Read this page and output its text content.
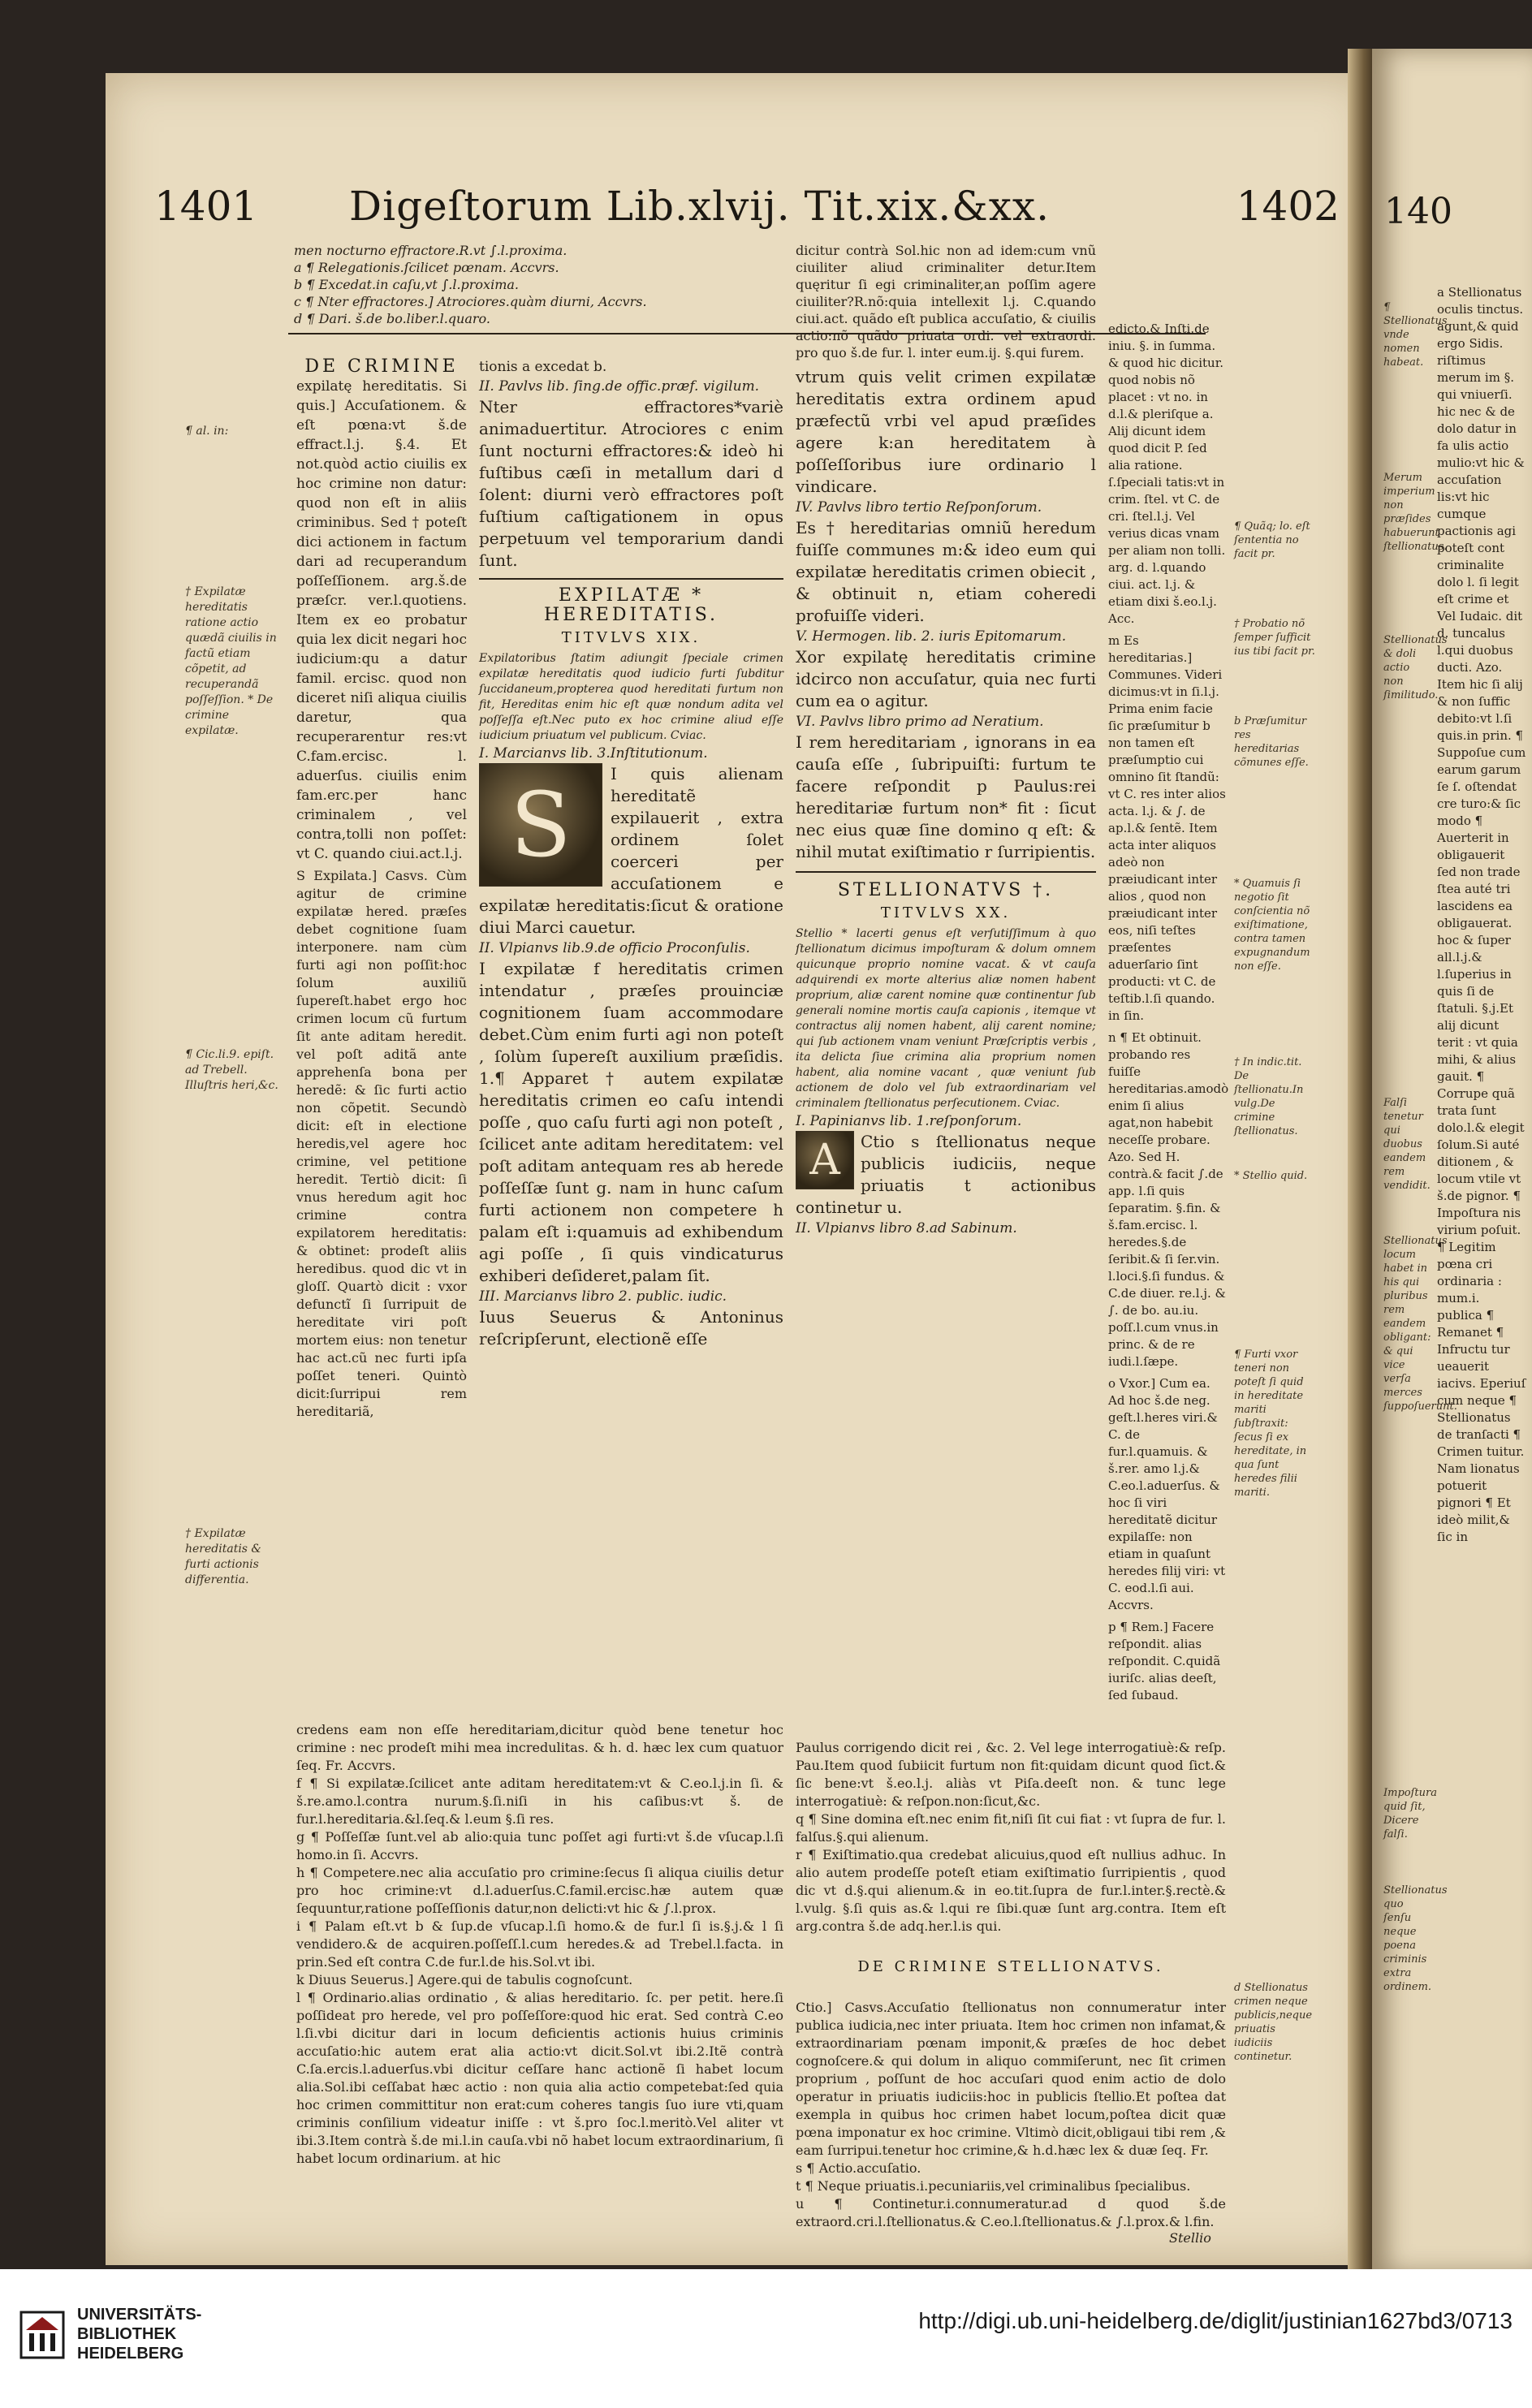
140
¶ Stellionatus vnde nomen habeat.
Merum imperium non præſides habuerunt ſtellionatus.
Stellionatus & doli actio non ſimilitudo.
Falſi tenetur qui duobus eandem rem vendidit.
Stellionatus locum habet in his qui pluribus rem eandem obligant: & qui vice verſa merces ſuppoſuerunt.
Impoſtura quid ſit, Dicere falſi.
Stellionatus quo ſenſu neque poena criminis extra ordinem.
a Stellionatus oculis tinctus. agunt,& quid ergo Sidis. riſtimus merum im §. qui vniuerſi. hic nec & de dolo datur in fa ulis actio mulio:vt hic & accuſation lis:vt hic cumque pactionis agi poteſt cont criminalite dolo l. ſi legit eſt crime et Vel Iudaic. dit d. tuncalus l.qui duobus ducti. Azo. Item hic ſi alij & non ſuffic debito:vt l.ſi quis.in prin. ¶ Suppoſue cum earum garum ſe ſ. oſtendat cre turo:& ſic modo ¶ Auerterit in obligauerit ſed non trade ſtea auté tri lascidens ea obligauerat. hoc & ſuper all.l.j.& l.ſuperius in quis ſi de ſtatuli. §.j.Et alij dicunt terit : vt quia mihi, & alius gauit. ¶ Corrupe quã trata ſunt dolo.l.& elegit ſolum.Si auté ditionem , & locum vtile vt š.de pignor. ¶ Impoſtura nis virium poſuit. ¶ Legitim pœna cri ordinaria : mum.i. publica ¶ Remanet ¶ Infructu tur ueauerit iacivs. Eperiuſ cum neque ¶ Stellionatus de tranſacti ¶ Crimen tuitur. Nam lionatus potuerit pignori ¶ Et ideò milit,& ſic in
1401 Digeſtorum Lib.xlvij. Tit.xix.&xx.	1402
¶ al. in:
† Expilatæ hereditatis ratione actio quædã ciuilis in factũ etiam cõpetit, ad recuperandã poſſeſſion. * De crimine expilatæ.
¶ Cic.li.9. epiſt. ad Trebell. Illuſtris heri,&c.
† Expilatæ hereditatis & furti actionis differentia.

men nocturno effractore.R.vt ∫.l.proxima.

a ¶ Relegationis.ſcilicet pœnam. Accvrs.

b ¶ Excedat.in caſu,vt ∫.l.proxima.

c ¶ Nter effractores.] Atrociores.quàm diurni, Accvrs.

d ¶ Dari. š.de bo.liber.l.quaro.

DE CRIMINE

expilatę hereditatis. Si quis.] Accuſationem. & eſt pœna:vt š.de effract.l.j. §.4. Et not.quòd actio ciuilis ex hoc crimine non datur: quod non eſt in aliis criminibus. Sed † poteſt dici actionem in factum dari ad recuperandum poſſeſſionem. arg.š.de præſcr. ver.l.quotiens. Item ex eo probatur quia lex dicit negari hoc iudicium:qu a datur famil. ercisc. quod non diceret niſi aliqua ciuilis daretur, qua recuperarentur res:vt C.fam.ercisc. l. aduerſus. ciuilis enim fam.erc.per hanc criminalem , vel contra,tolli non poſſet: vt C. quando ciui.act.l.j.

S Expilata.] Casvs. Cùm agitur de crimine expilatæ hered. præſes debet cognitione ſuam interponere. nam cùm furti agi non poſſit:hoc ſolum auxiliũ ſupereſt.habet ergo hoc crimen locum cũ furtum ſit ante aditam heredit. vel poſt aditã ante apprehenſa bona per heredẽ: & ſic furti actio non cõpetit. Secundò dicit: eſt in electione heredis,vel agere hoc crimine, vel petitione heredit. Tertiò dicit: ſi vnus heredum agit hoc crimine contra expilatorem hereditatis: & obtinet: prodeſt aliis heredibus. quod dic vt in gloſſ. Quartò dicit : vxor defunctĩ ſi ſurripuit de hereditate viri poſt mortem eius: non tenetur hac act.cũ nec furti ipſa poſſet teneri. Quintò dicit:ſurripui rem hereditariã,

tionis a excedat b.

II. Pavlvs lib. ſing.de offic.præf. vigilum.

Nter effractores*variè animaduertitur. Atrociores c enim ſunt nocturni effractores:& ideò hi fuſtibus cæſi in metallum dari d ſolent: diurni verò effractores poſt fuſtium caſtigationem in opus perpetuum vel temporarium dandi ſunt.

EXPILATÆ * HEREDITATIS.
TITVLVS XIX.

Expilatoribus ſtatim adiungit ſpeciale crimen expilatæ hereditatis quod iudicio furti ſubditur ſuccidaneum,propterea quod hereditati furtum non fit, Hereditas enim hic eſt quæ nondum adita vel poſſeſſa eſt.Nec puto ex hoc crimine aliud eſſe iudicium priuatum vel publicum. Cviac.

I. Marcianvs lib. 3.Inſtitutionum.

S	I quis alienam hereditatẽ expilauerit , extra ordinem ſolet coerceri per accuſationem e expilatæ hereditatis:ſicut & oratione diui Marci cauetur.

II. Vlpianvs lib.9.de officio Proconſulis.

I expilatæ f hereditatis crimen intendatur , præſes prouinciæ cognitionem ſuam accommodare debet.Cùm enim furti agi non poteſt , ſolùm ſupereſt auxilium præſidis. 1.¶ Apparet † autem expilatæ hereditatis crimen eo caſu intendi poſſe , quo caſu furti agi non poteſt , ſcilicet ante aditam hereditatem: vel poſt aditam antequam res ab herede poſſeſſæ ſunt g. nam in hunc caſum furti actionem non competere h palam eſt i:quamuis ad exhibendum agi poſſe , ſi quis vindicaturus exhiberi deſideret,palam ſit.

III. Marcianvs libro 2. public. iudic.

Iuus Seuerus & Antoninus reſcripſerunt, electionẽ eſſe

dicitur contrà Sol.hic non ad idem:cum vnũ ciuiliter aliud criminaliter detur.Item quęritur ſi egi criminaliter,an poſſim agere ciuiliter?R.nõ:quia intellexit l.j. C.quando ciui.act. quãdo eſt publica accuſatio, & ciuilis actio:nõ quãdo priuata ordi. vel extraordi. pro quo š.de fur. l. inter eum.ij. §.qui furem.

vtrum quis velit crimen expilatæ hereditatis extra ordinem apud præfectũ vrbi vel apud præſides agere k:an hereditatem à poſſeſſoribus iure ordinario l vindicare.

IV. Pavlvs libro tertio Reſponſorum.

Es † hereditarias omniũ heredum fuiſſe communes m:& ideo eum qui expilatæ hereditatis crimen obiecit , & obtinuit n, etiam coheredi profuiſſe videri.

V. Hermogen. lib. 2. iuris Epitomarum.

Xor expilatę hereditatis crimine idcirco non accuſatur, quia nec furti cum ea o agitur.

VI. Pavlvs libro primo ad Neratium.

I rem hereditariam , ignorans in ea cauſa eſſe , ſubripuiſti: furtum te facere reſpondit p Paulus:rei hereditariæ furtum non* fit : ſicut nec eius quæ ſine domino q eſt: & nihil mutat exiſtimatio r ſurripientis.

STELLIONATVS †.
TITVLVS XX.

Stellio * lacerti genus eſt verſutiſſimum à quo ſtellionatum dicimus impoſturam & dolum omnem quicunque proprio nomine vacat. & vt cauſa adquirendi ex morte alterius aliæ nomen habent proprium, aliæ carent nomine quæ continentur ſub generali nomine mortis cauſa capionis , itemque vt contractus alij nomen habent, alij carent nomine; qui ſub actionem vnam veniunt Præſcriptis verbis , ita delicta ſiue crimina alia proprium nomen habent, alia nomine vacant , quæ veniunt ſub actionem de dolo vel ſub extraordinariam vel criminalem ſtellionatus perſecutionem. Cviac.

I. Papinianvs lib. 1.reſponſorum.

A	Ctio s ſtellionatus neque publicis iudiciis, neque priuatis t actionibus continetur u.

II. Vlpianvs libro 8.ad Sabinum.

ediсto.& Inſti.de iniu. §. in ſumma. & quod hic dicitur. quod nobis nõ placet : vt no. in d.l.& pleriſque a. Alij dicunt idem quod dicit P. ſed alia ratione. ſ.ſpeciali tatis:vt in crim. ſtel. vt C. de cri. ſtel.l.j. Vel verius dicas vnam per aliam non tolli. arg. d. l.quando ciui. act. l.j. & etiam dixi š.eo.l.j. Acc.

m Es hereditarias.] Communes. Videri dicimus:vt in ſi.l.j. Prima enim facie ſic præſumitur b non tamen eſt præſumptio cui omnino ſit ſtandũ: vt C. res inter alios acta. l.j. & ∫. de ap.l.& ſentẽ. Item acta inter aliquos adeò non præiudicant inter alios , quod non præiudicant inter eos, niſi teſtes præſentes aduerſario ſint producti: vt C. de teſtib.l.ſi quando. in ſin.

n ¶ Et obtinuit. probando res fuiſſe hereditarias.amodò enim ſi alius agat,non habebit neceſſe probare. Azo. Sed H. contrà.& facit ∫.de app. l.ſi quis ſeparatim. §.fin. & š.fam.ercisc. l. heredes.§.de ſeribit.& ſi ſer.vin. l.loci.§.ſi fundus. & C.de diuer. re.l.j. & ∫. de bo. au.iu. poſſ.l.cum vnus.in princ. & de re iudi.l.ſæpe.

o Vxor.] Cum ea. Ad hoc š.de neg. geſt.l.heres viri.& C. de fur.l.quamuis. & š.rer. amo l.j.& C.eo.l.aduerſus. & hoc ſi viri hereditatẽ dicitur expilaſſe: non etiam in quaſunt heredes filij viri: vt C. eod.l.ſi aui. Accvrs.

p ¶ Rem.] Facere reſpondit. alias reſpondit. C.quidã iuriſc. alias deeſt, ſed ſubaud.

¶ Quãq; lo. eſt ſententia no facit pr.
† Probatio nõ ſemper ſufficit ius tibi facit pr.
b Præſumitur res hereditarias cõmunes eſſe.
* Quamuis ſi negotio ſit conſcientia nõ exiſtimatione, contra tamen expugnandum non eſſe.
† In indic.tit. De ſtellionatu.In vulg.De crimine ſtellionatus.
* Stellio quid.
¶ Furti vxor teneri non poteſt ſi quid in hereditate mariti ſubſtraxit: ſecus ſi ex hereditate, in qua ſunt heredes filii mariti.
d Stellionatus crimen neque publicis,neque priuatis iudiciis continetur.
credens eam non eſſe hereditariam,dicitur quòd bene tenetur hoc crimine : nec prodeſt mihi mea incredulitas. & h. d. hæc lex cum quatuor ſeq. Fr. Accvrs.
f ¶ Si expilatæ.ſcilicet ante aditam hereditatem:vt & C.eo.l.j.in ſi. & š.re.amo.l.contra nurum.§.ſi.niſi in his caſibus:vt š. de fur.l.hereditaria.&l.ſeq.& l.eum §.ſi res.
g ¶ Poſſeſſæ ſunt.vel ab alio:quia tunc poſſet agi furti:vt š.de vſucap.l.ſi homo.in ſi. Accvrs.
h ¶ Competere.nec alia accuſatio pro crimine:ſecus ſi aliqua ciuilis detur pro hoc crimine:vt d.l.aduerſus.C.famil.ercisc.hæ autem quæ ſequuntur,ratione poſſeſſionis datur,non delicti:vt hic & ∫.l.prox.
i ¶ Palam eſt.vt b & ſup.de vſucap.l.ſi homo.& de fur.l ſi is.§.j.& l ſi vendidero.& de acquiren.poſſeſſ.l.cum heredes.& ad Trebel.l.facta. in prin.Sed eſt contra C.de fur.l.de his.Sol.vt ibi.
k Diuus Seuerus.] Agere.qui de tabulis cognoſcunt.
l ¶ Ordinario.alias ordinatio , & alias hereditario. ſc. per petit. here.ſi poſſideat pro herede, vel pro poſſeſſore:quod hic erat. Sed contrà C.eo l.ſi.vbi dicitur dari in locum deficientis actionis huius criminis accuſatio:hic autem erat alia actio:vt dicit.Sol.vt ibi.2.Itẽ contrà C.ſa.ercis.l.aduerſus.vbi dicitur ceſſare hanc actionẽ ſi habet locum alia.Sol.ibi ceſſabat hæc actio : non quia alia actio competebat:ſed quia hoc crimen committitur non erat:cum coheres tangis ſuo iure vti,quam criminis conſilium videatur iniſſe : vt š.pro ſoc.l.meritò.Vel aliter vt ibi.3.Item contrà š.de mi.l.in cauſa.vbi nõ habet locum extraordinarium, ſi habet locum ordinarium. at hic

Paulus corrigendo dicit rei , &c. 2. Vel lege interrogatiuè:& reſp. Pau.Item quod ſubiicit furtum non fit:quidam dicunt quod ſict.& ſic bene:vt š.eo.l.j. aliàs vt Piſa.deeſt non. & tunc lege interrogatiuè: & reſpon.non:ſicut,&c.
q ¶ Sine domina eſt.nec enim fit,niſi ſit cui fiat : vt ſupra de fur. l. falſus.§.qui alienum.
r ¶ Exiſtimatio.qua credebat alicuius,quod eſt nullius adhuc. In alio autem prodeſſe poteſt etiam exiſtimatio ſurripientis , quod dic vt d.§.qui alienum.& in eo.tit.ſupra de fur.l.inter.§.rectè.& l.vulg. §.ſi quis as.& l.qui re ſibi.quæ ſunt arg.contra. Item eſt arg.contra š.de adq.her.l.is qui.

DE CRIMINE STELLIONATVS.

Ctio.] Casvs.Accuſatio ſtellionatus non connumeratur inter publica iudicia,nec inter priuata. Item hoc crimen non infamat,& extraordinariam pœnam imponit,& præſes de hoc debet cognoſcere.& qui dolum in aliquo commiſerunt, nec ſit crimen proprium , poſſunt de hoc accuſari quod enim actio de dolo operatur in priuatis iudiciis:hoc in publicis ſtellio.Et poſtea dat exempla in quibus hoc crimen habet locum,poſtea dicit quæ pœna imponatur ex hoc crimine. Vltimò dicit,obligaui tibi rem ,& eam ſurripui.tenetur hoc crimine,& h.d.hæc lex & duæ ſeq. Fr.
s ¶ Actio.accuſatio.
t ¶ Neque priuatis.i.pecuniariis,vel criminalibus ſpecialibus.
u ¶ Continetur.i.connumeratur.ad d quod š.de extraord.cri.l.ſtellionatus.& C.eo.l.ſtellionatus.& ∫.l.prox.& l.fin.

Stellio
UNIVERSITÄTS-
BIBLIOTHEK
HEIDELBERG
http://digi.ub.uni-heidelberg.de/diglit/justinian1627bd3/0713
